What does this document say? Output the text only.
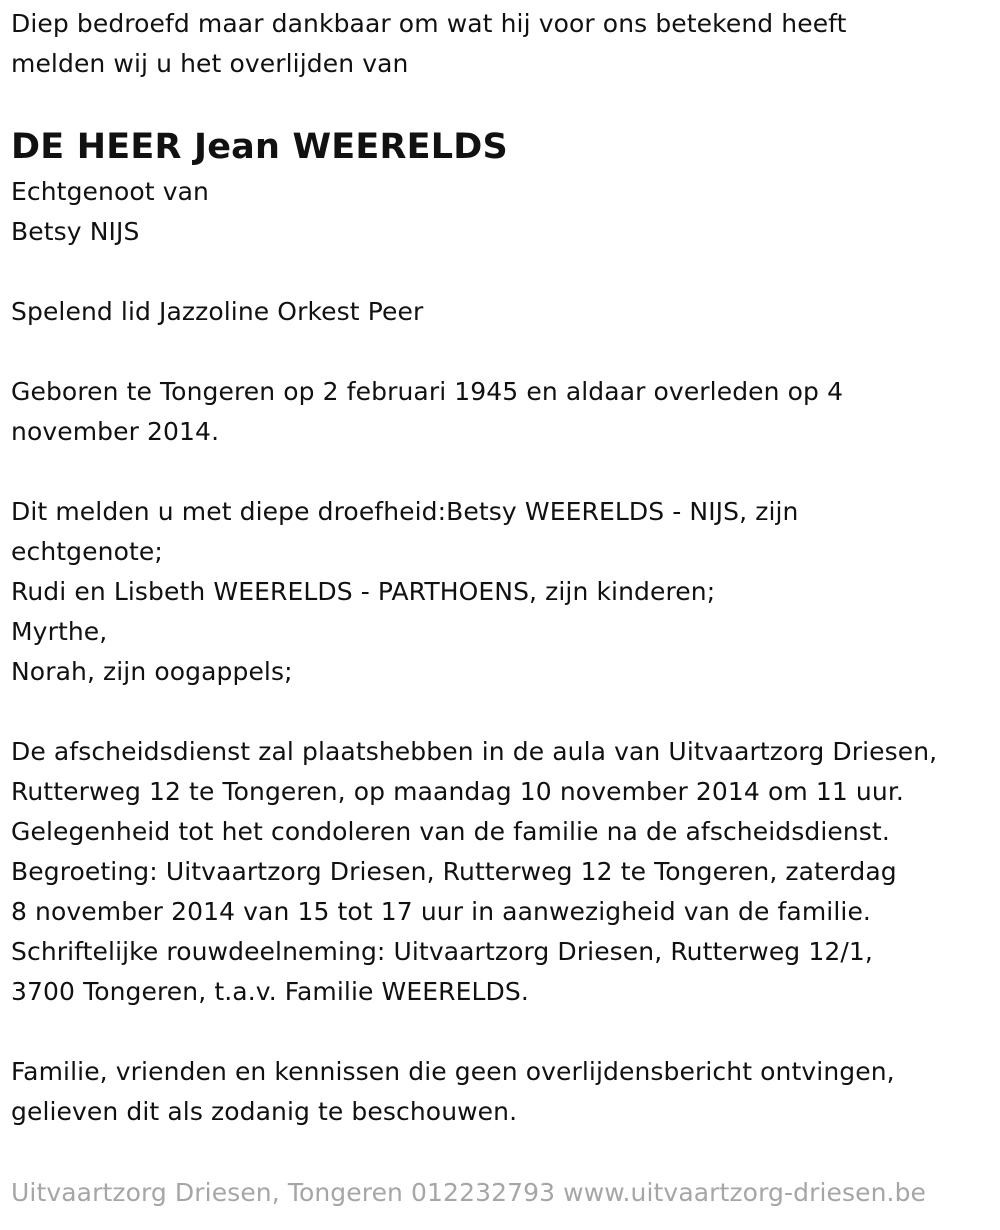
Diep bedroefd maar dankbaar om wat hij voor ons betekend heeft
melden wij u het overlijden van
DE HEER Jean WEERELDS
Echtgenoot van
Betsy NIJS
Spelend lid Jazzoline Orkest Peer
Geboren te Tongeren op 2 februari 1945 en aldaar overleden op 4
november 2014.
Dit melden u met diepe droefheid:Betsy WEERELDS - NIJS, zijn
echtgenote;
Rudi en Lisbeth WEERELDS - PARTHOENS, zijn kinderen;
Myrthe,
Norah, zijn oogappels;
De afscheidsdienst zal plaatshebben in de aula van Uitvaartzorg Driesen,
Rutterweg 12 te Tongeren, op maandag 10 november 2014 om 11 uur.
Gelegenheid tot het condoleren van de familie na de afscheidsdienst.
Begroeting: Uitvaartzorg Driesen, Rutterweg 12 te Tongeren, zaterdag
8 november 2014 van 15 tot 17 uur in aanwezigheid van de familie.
Schriftelijke rouwdeelneming: Uitvaartzorg Driesen, Rutterweg 12/1,
3700 Tongeren, t.a.v. Familie WEERELDS.
Familie, vrienden en kennissen die geen overlijdensbericht ontvingen,
gelieven dit als zodanig te beschouwen.
Uitvaartzorg Driesen, Tongeren 012232793 www.uitvaartzorg-driesen.be
